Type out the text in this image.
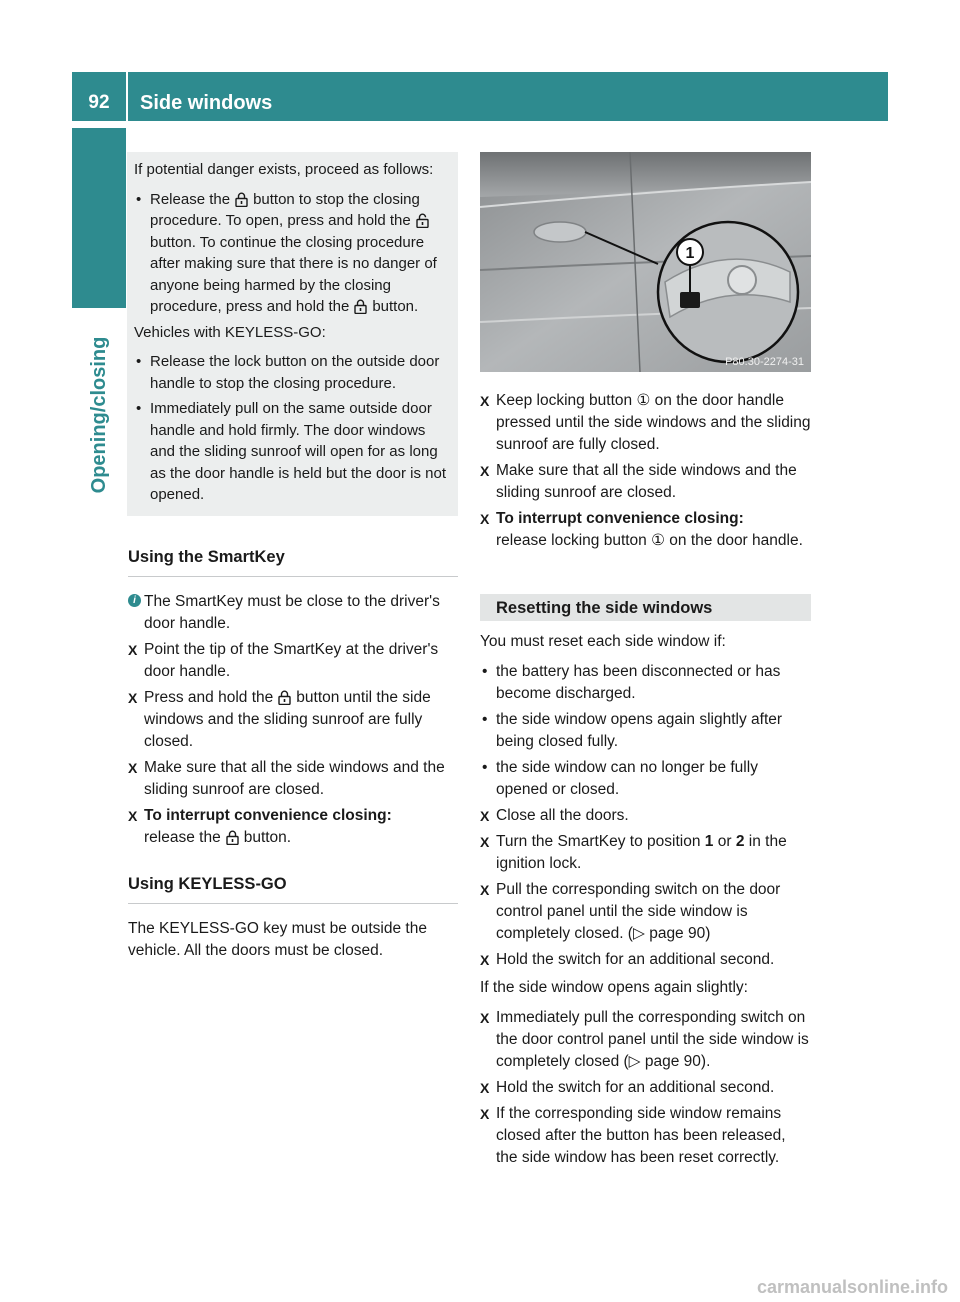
92	Side windows
Opening/closing

If potential danger exists, proceed as follows:

• Release the button to stop the closing procedure. To open, press and hold thebutton. To continue the closing procedure after making sure that there is no danger of anyone being harmed by the closing procedure, press and hold the button.

Vehicles with KEYLESS-GO:

• Release the lock button on the outside door handle to stop the closing procedure.
• Immediately pull on the same outside door handle and hold firmly. The door windows and the sliding sunroof will open for as long as the door handle is held but the door is not opened.
Using the SmartKey
i The SmartKey must be close to the driver's door handle.
X Point the tip of the SmartKey at the driver's door handle.
X Press and hold the button until the side windows and the sliding sunroof are fully closed.
X Make sure that all the side windows and the sliding sunroof are closed.
X To interrupt convenience closing:
release the button.
Using KEYLESS-GO

The KEYLESS-GO key must be outside the vehicle. All the doors must be closed.

1
P80.30-2274-31
X Keep locking button ① on the door handle pressed until the side windows and the sliding sunroof are fully closed.
X Make sure that all the side windows and the sliding sunroof are closed.
X To interrupt convenience closing:
release locking button ① on the door handle.
Resetting the side windows

You must reset each side window if:

• the battery has been disconnected or has become discharged.
• the side window opens again slightly after being closed fully.
• the side window can no longer be fully opened or closed.
X Close all the doors.
X Turn the SmartKey to position 1 or 2 in the ignition lock.
X Pull the corresponding switch on the door control panel until the side window is completely closed. (▷ page 90)
X Hold the switch for an additional second.

If the side window opens again slightly:

X Immediately pull the corresponding switch on the door control panel until the side window is completely closed (▷ page 90).
X Hold the switch for an additional second.
X If the corresponding side window remains closed after the button has been released, the side window has been reset correctly.
carmanualsonline.info
